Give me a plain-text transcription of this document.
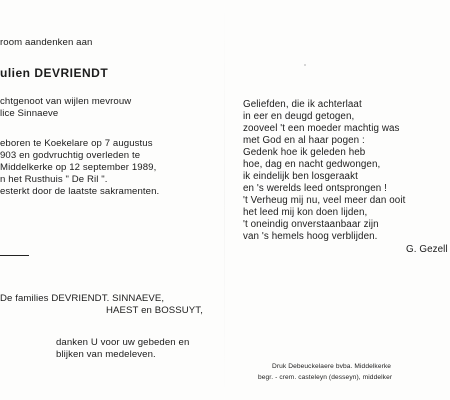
room aandenken aan

ulien DEVRIENDT

chtgenoot van wijlen mevrouw

lice Sinnaeve

eboren te Koekelare op 7 augustus

903 en godvruchtig overleden te

Middelkerke op 12 september 1989,

n het Rusthuis " De Ril ".

esterkt door de laatste sakramenten.

De families DEVRIENDT. SINNAEVE,

HAEST en BOSSUYT,

danken U voor uw gebeden en

blijken van medeleven.

Geliefden, die ik achterlaat
in eer en deugd getogen,
zooveel 't een moeder machtig was
met God en al haar pogen :
Gedenk hoe ik geleden heb
hoe, dag en nacht gedwongen,
ik eindelijk ben losgeraakt
en 's werelds leed ontsprongen !
't Verheug mij nu, veel meer dan ooit
het leed mij kon doen lijden,
't oneindig onverstaanbaar zijn
van 's hemels hoog verblijden.
G. Gezell
Druk Debeuckelaere bvba. Middelkerke
begr. - crem. casteleyn (desseyn), middelker
